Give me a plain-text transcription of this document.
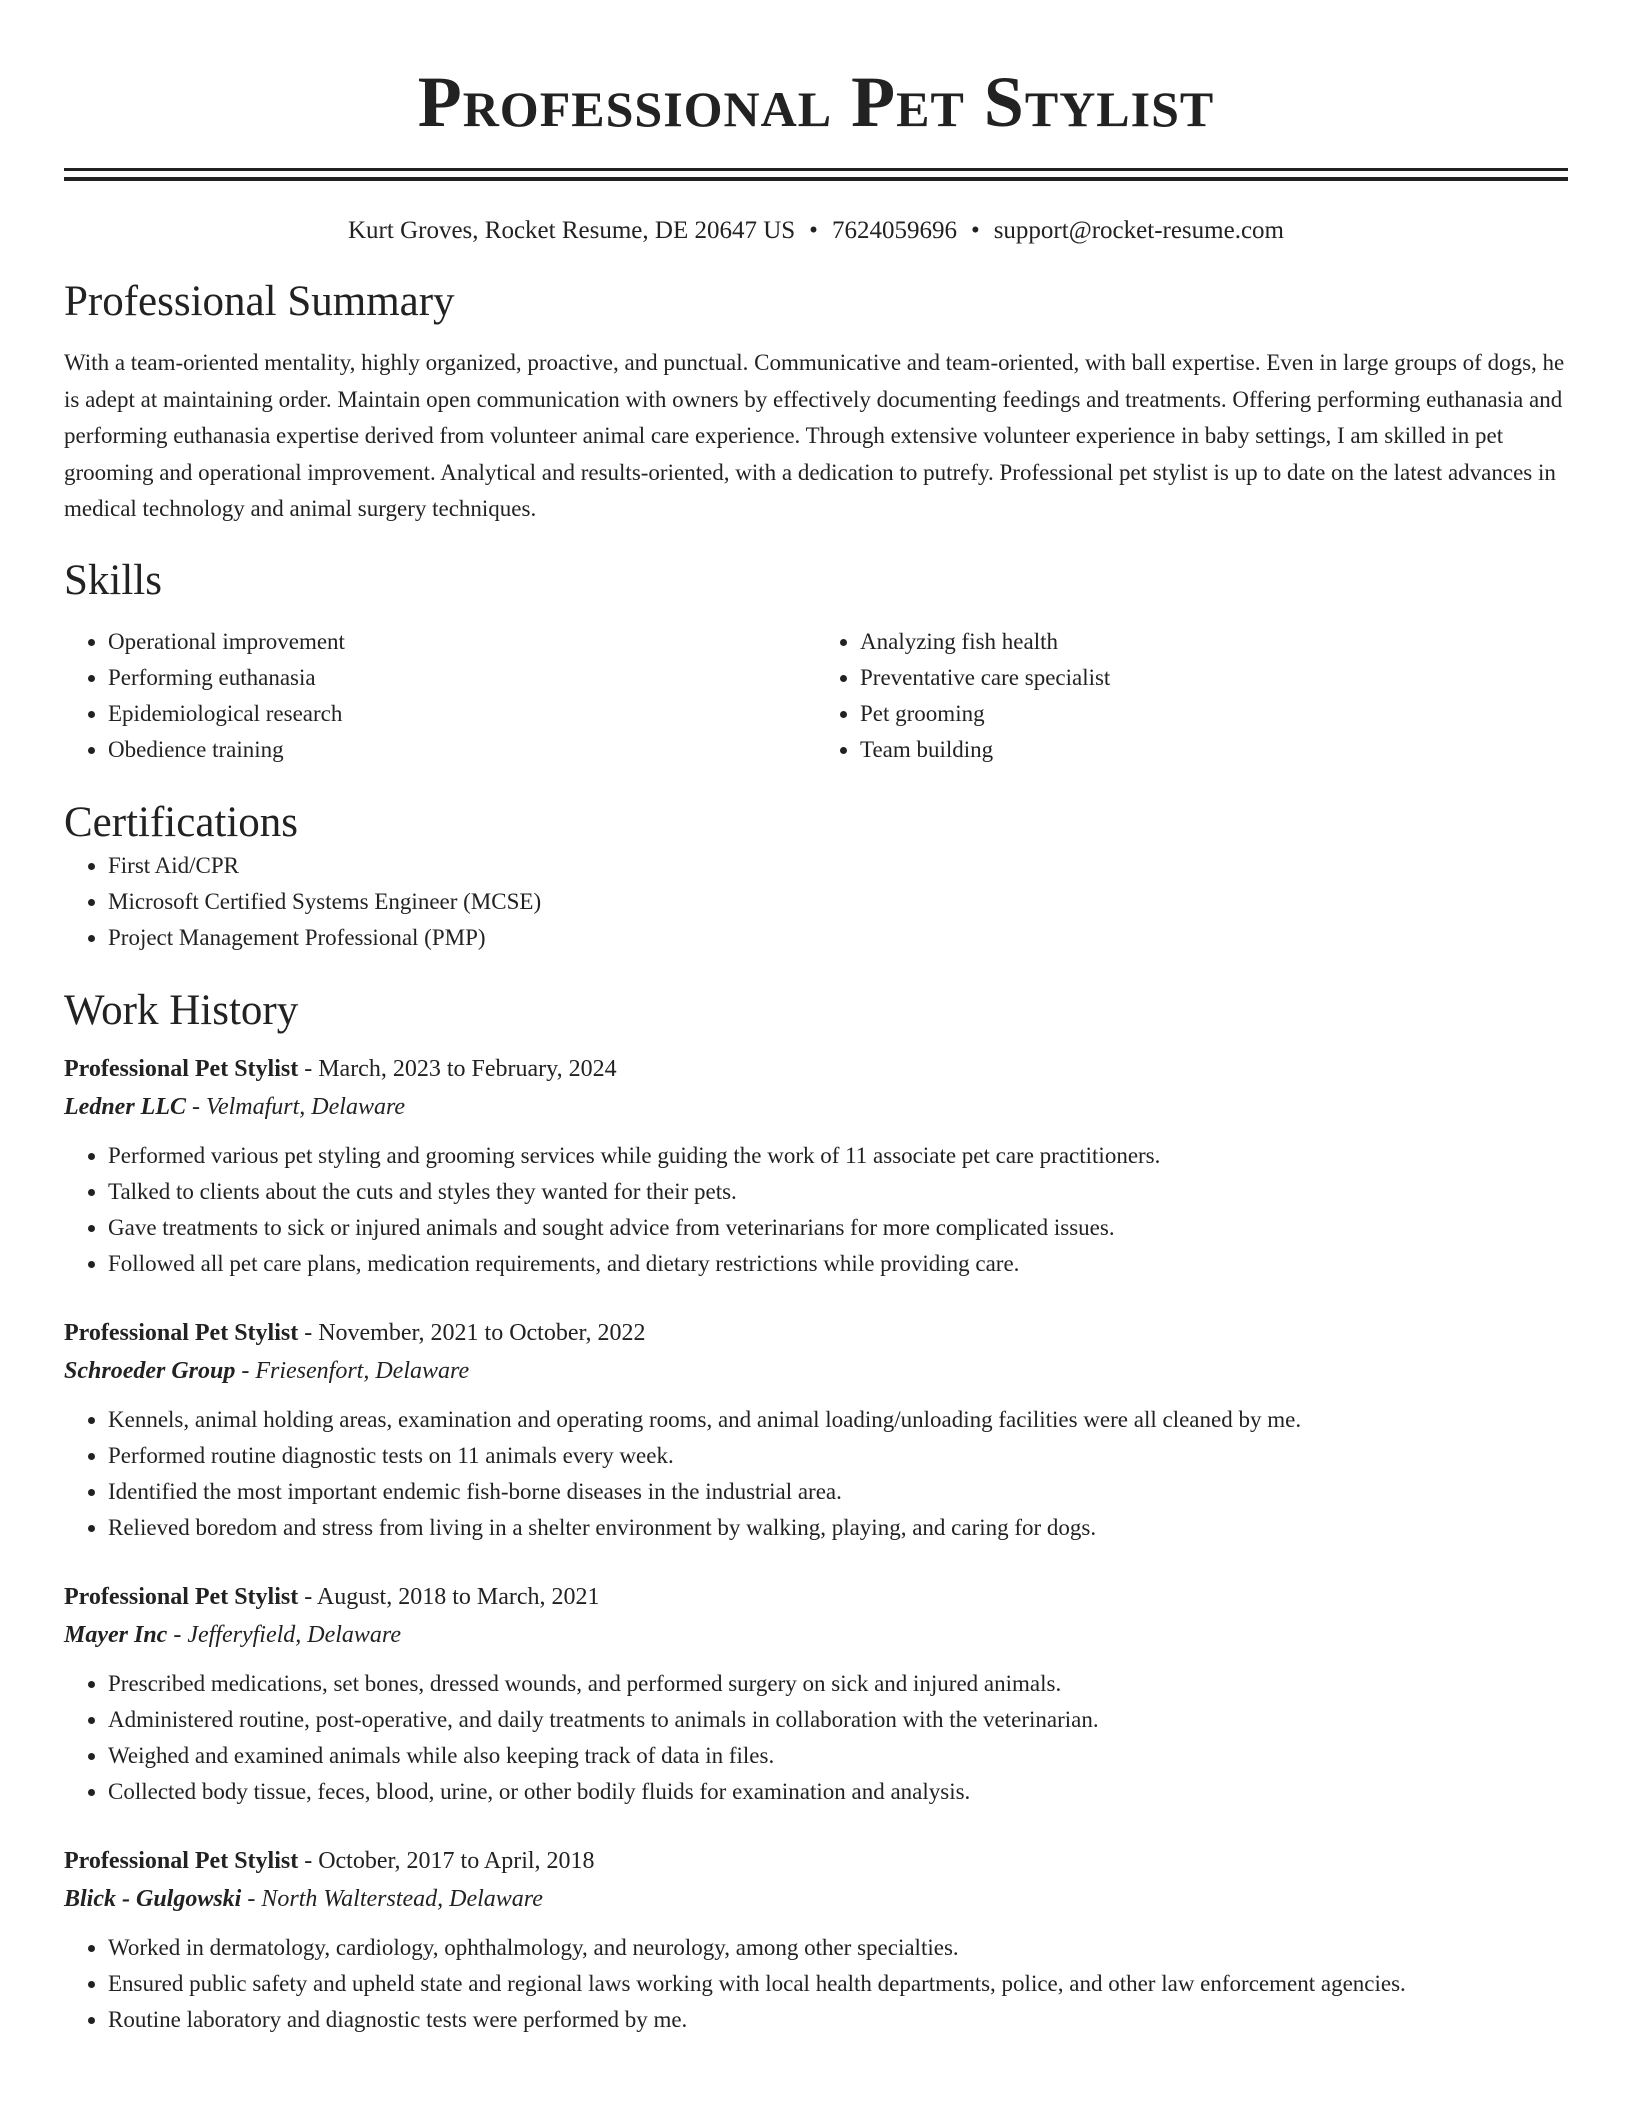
Professional Pet Stylist
Kurt Groves, Rocket Resume, DE 20647 US • 7624059696 • support@rocket-resume.com
Professional Summary

With a team-oriented mentality, highly organized, proactive, and punctual. Communicative and team-oriented, with ball expertise. Even in large groups of dogs, he is adept at maintaining order. Maintain open communication with owners by effectively documenting feedings and treatments. Offering performing euthanasia and performing euthanasia expertise derived from volunteer animal care experience. Through extensive volunteer experience in baby settings, I am skilled in pet grooming and operational improvement. Analytical and results-oriented, with a dedication to putrefy. Professional pet stylist is up to date on the latest advances in medical technology and animal surgery techniques.

Skills
• Operational improvement
• Performing euthanasia
• Epidemiological research
• Obedience training
• Analyzing fish health
• Preventative care specialist
• Pet grooming
• Team building
Certifications
• First Aid/CPR
• Microsoft Certified Systems Engineer (MCSE)
• Project Management Professional (PMP)
Work History
Professional Pet Stylist - March, 2023 to February, 2024
Ledner LLC - Velmafurt, Delaware
• Performed various pet styling and grooming services while guiding the work of 11 associate pet care practitioners.
• Talked to clients about the cuts and styles they wanted for their pets.
• Gave treatments to sick or injured animals and sought advice from veterinarians for more complicated issues.
• Followed all pet care plans, medication requirements, and dietary restrictions while providing care.
Professional Pet Stylist - November, 2021 to October, 2022
Schroeder Group - Friesenfort, Delaware
• Kennels, animal holding areas, examination and operating rooms, and animal loading/unloading facilities were all cleaned by me.
• Performed routine diagnostic tests on 11 animals every week.
• Identified the most important endemic fish-borne diseases in the industrial area.
• Relieved boredom and stress from living in a shelter environment by walking, playing, and caring for dogs.
Professional Pet Stylist - August, 2018 to March, 2021
Mayer Inc - Jefferyfield, Delaware
• Prescribed medications, set bones, dressed wounds, and performed surgery on sick and injured animals.
• Administered routine, post-operative, and daily treatments to animals in collaboration with the veterinarian.
• Weighed and examined animals while also keeping track of data in files.
• Collected body tissue, feces, blood, urine, or other bodily fluids for examination and analysis.
Professional Pet Stylist - October, 2017 to April, 2018
Blick - Gulgowski - North Walterstead, Delaware
• Worked in dermatology, cardiology, ophthalmology, and neurology, among other specialties.
• Ensured public safety and upheld state and regional laws working with local health departments, police, and other law enforcement agencies.
• Routine laboratory and diagnostic tests were performed by me.
